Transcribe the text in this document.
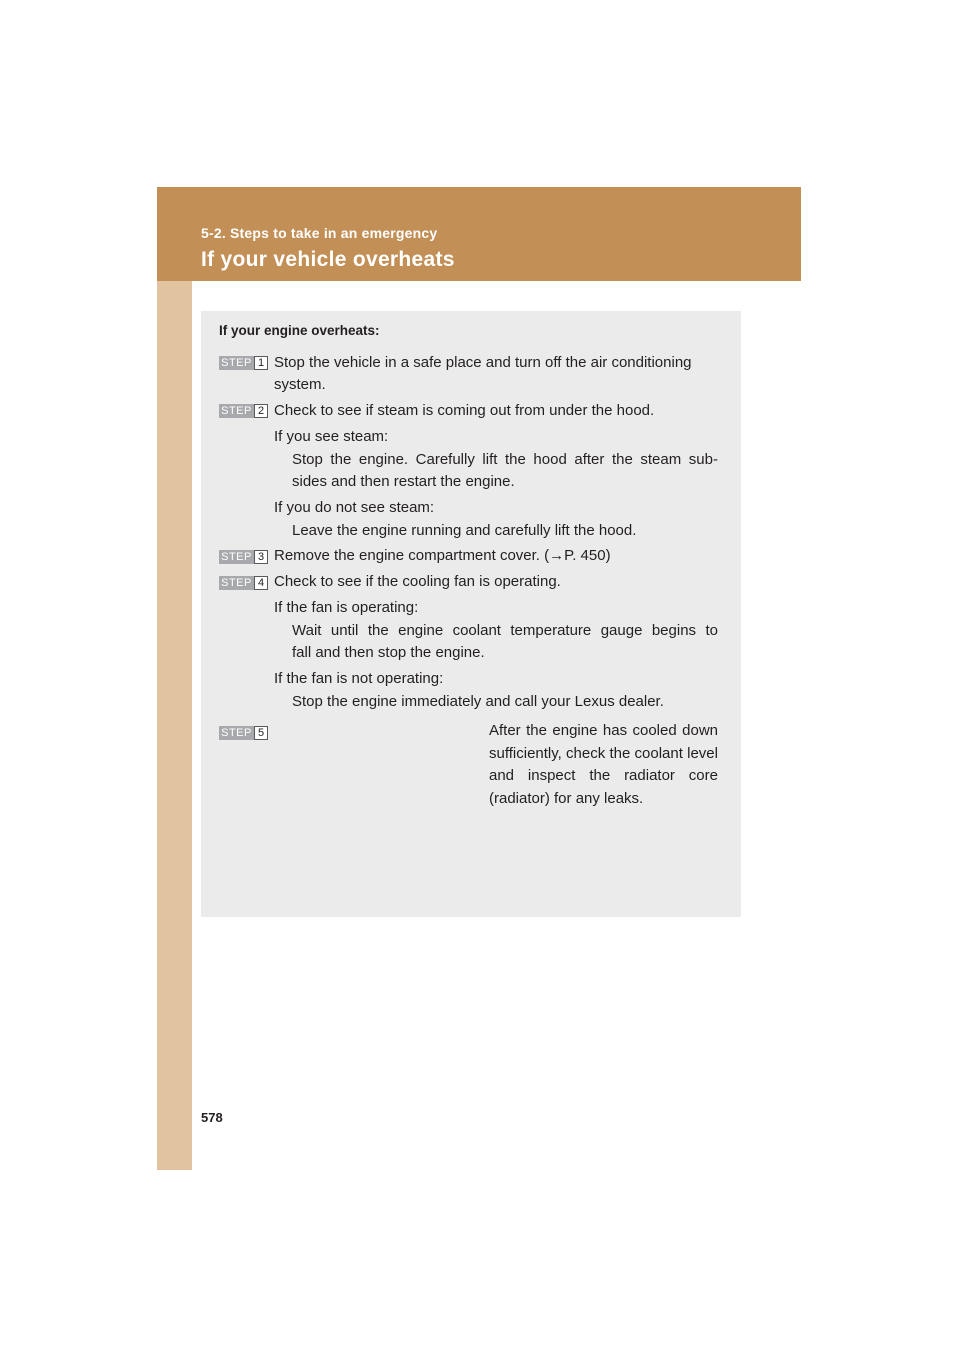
5-2. Steps to take in an emergency
If your vehicle overheats
If your engine overheats:
STEP 1 Stop the vehicle in a safe place and turn off the air conditioning
system.
STEP 2 Check to see if steam is coming out from under the hood.
If you see steam:
Stop the engine. Carefully lift the hood after the steam sub-
sides and then restart the engine.
If you do not see steam:
Leave the engine running and carefully lift the hood.
STEP 3 Remove the engine compartment cover. (→P. 450)
STEP 4 Check to see if the cooling fan is operating.
If the fan is operating:
Wait until the engine coolant temperature gauge begins to
fall and then stop the engine.
If the fan is not operating:
Stop the engine immediately and call your Lexus dealer.
STEP 5	After the engine has cooled down sufficiently, check the coolant level and inspect the radiator core (radiator) for any leaks.
578
